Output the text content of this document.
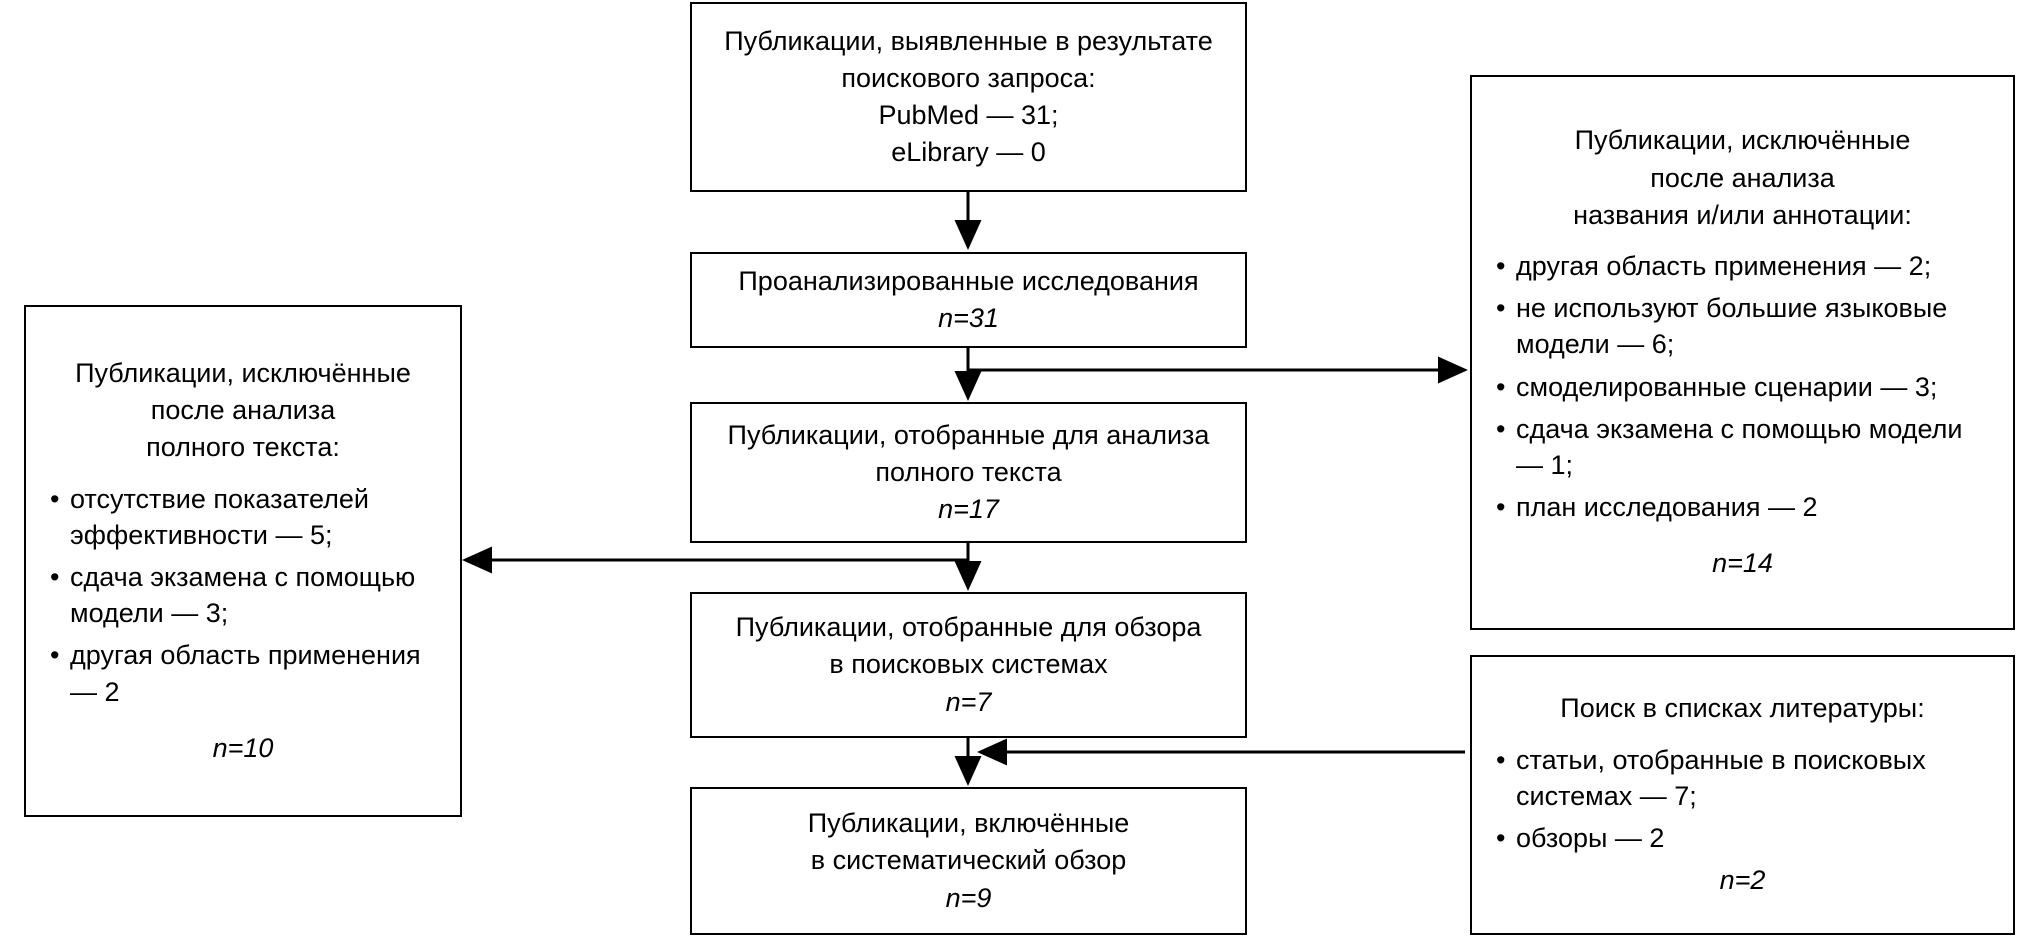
Публикации, выявленные в результате
поискового запроса:
PubMed — 31;
eLibrary — 0
Проанализированные исследования
n=31
Публикации, отобранные для анализа
полного текста
n=17
Публикации, отобранные для обзора
в поисковых системах
n=7
Публикации, включённые
в систематический обзор
n=9
Публикации, исключённые
после анализа
названия и/или аннотации:
• другая область применения — 2;
• не используют большие языковые модели — 6;
• смоделированные сценарии — 3;
• сдача экзамена с помощью модели — 1;
• план исследования — 2
n=14
Поиск в списках литературы:
• статьи, отобранные в поисковых системах — 7;
• обзоры — 2
n=2
Публикации, исключённые
после анализа
полного текста:
• отсутствие показателей эффективности — 5;
• сдача экзамена с помощью модели — 3;
• другая область применения — 2
n=10
